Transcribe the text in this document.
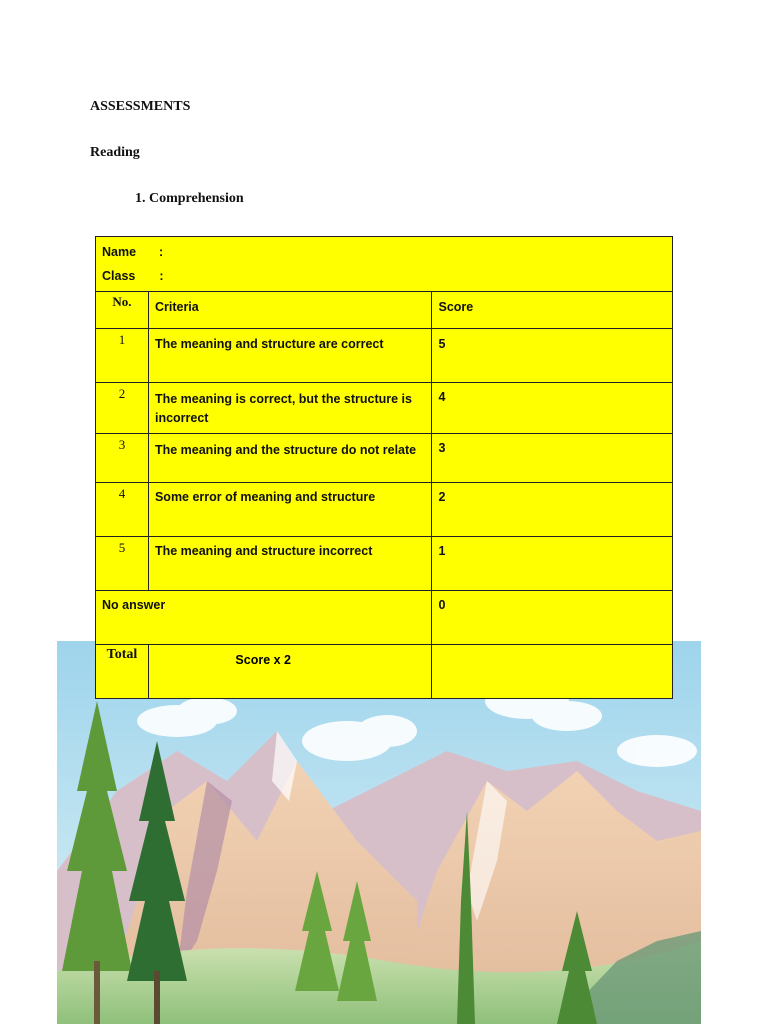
ASSESSMENTS
Reading
1. Comprehension
Name :
Class :		

No.	Criteria	Score
1	The meaning and structure are correct	5
2	The meaning is correct, but the structure is incorrect	4
3	The meaning and the structure do not relate	3
4	Some error of meaning and structure	2
5	The meaning and structure incorrect	1
No answer		0
Total	Score x 2	
